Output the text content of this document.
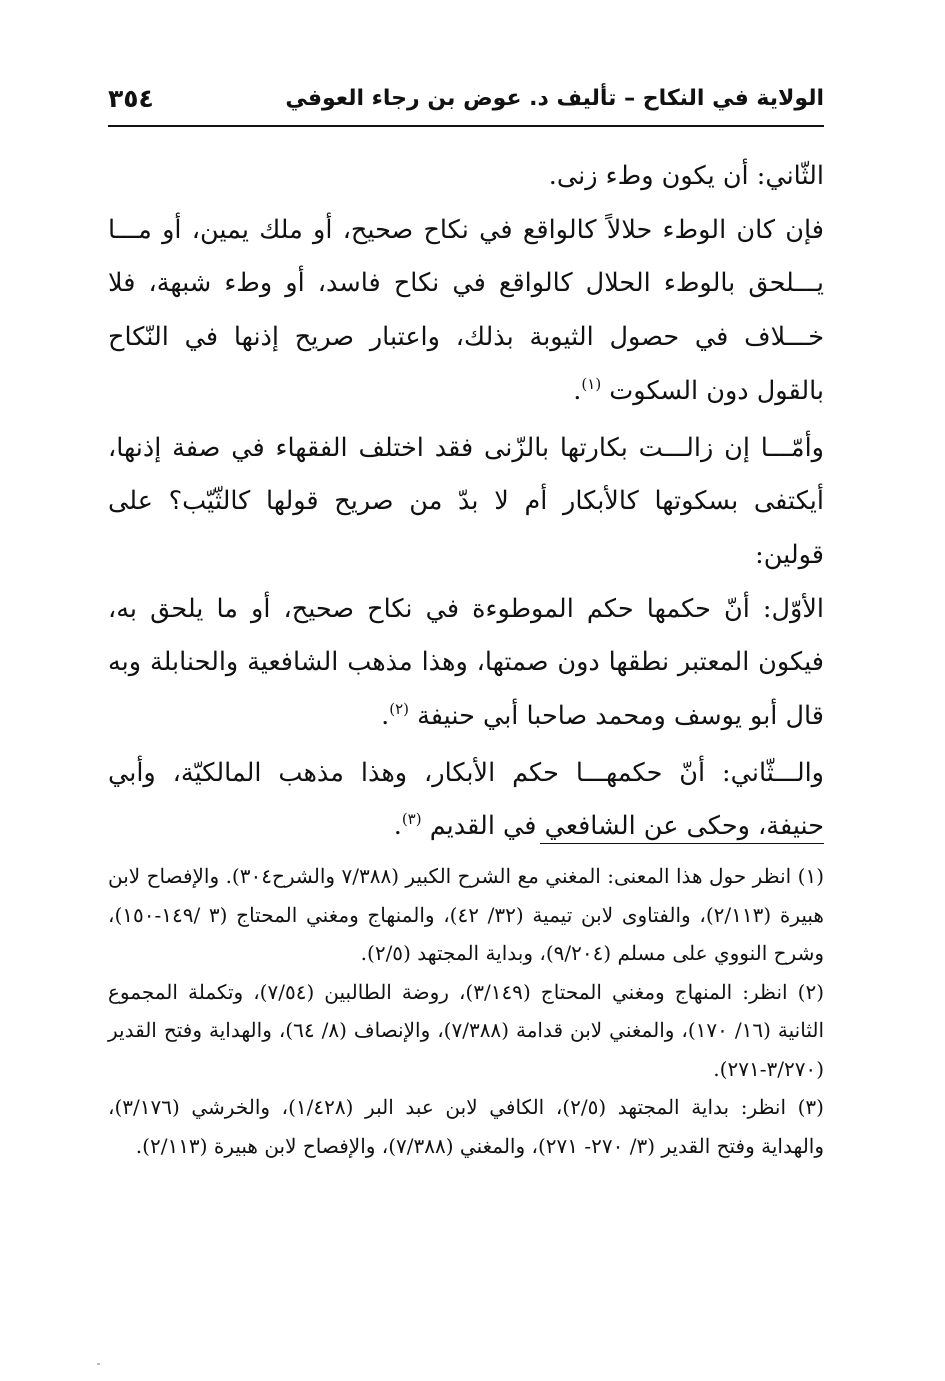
الولاية في النكاح – تأليف د. عوض بن رجاء العوفي
٣٥٤

الثّاني: أن يكون وطء زنى.

فإن كان الوطء حلالاً كالواقع في نكاح صحيح، أو ملك يمين، أو مـــا يـــلحق بالوطء الحلال كالواقع في نكاح فاسد، أو وطء شبهة، فلا خـــلاف في حصول الثيوبة بذلك، واعتبار صريح إذنها في النّكاح بالقول دون السكوت $^{(١)}$.

وأمّـــا إن زالـــت بكارتها بالزّنى فقد اختلف الفقهاء في صفة إذنها، أيكتفى بسكوتها كالأبكار أم لا بدّ من صريح قولها كالثّيّب؟ على قولين:

الأوّل: أنّ حكمها حكم الموطوءة في نكاح صحيح، أو ما يلحق به، فيكون المعتبر نطقها دون صمتها، وهذا مذهب الشافعية والحنابلة وبه قال أبو يوسف ومحمد صاحبا أبي حنيفة $^{(٢)}$.

والـــثّاني: أنّ حكمهـــا حكم الأبكار، وهذا مذهب المالكيّة، وأبي حنيفة، وحكى عن الشافعي في القديم $^{(٣)}$.

(١) انظر حول هذا المعنى: المغني مع الشرح الكبير (٧/٣٨٨ والشرح٣٠٤). والإفصاح لابن هبيرة (٢/١١٣)، والفتاوى لابن تيمية (٣٢/ ٤٢)، والمنهاج ومغني المحتاج (٣ /١٤٩-١٥٠)، وشرح النووي على مسلم (٩/٢٠٤)، وبداية المجتهد (٢/٥).

(٢) انظر: المنهاج ومغني المحتاج (٣/١٤٩)، روضة الطالبين (٧/٥٤)، وتكملة المجموع الثانية (١٦/ ١٧٠)، والمغني لابن قدامة (٧/٣٨٨)، والإنصاف (٨/ ٦٤)، والهداية وفتح القدير (٣/٢٧٠-٢٧١).

(٣) انظر: بداية المجتهد (٢/٥)، الكافي لابن عبد البر (١/٤٢٨)، والخرشي (٣/١٧٦)، والهداية وفتح القدير (٣/ ٢٧٠- ٢٧١)، والمغني (٧/٣٨٨)، والإفصاح لابن هبيرة (٢/١١٣).
